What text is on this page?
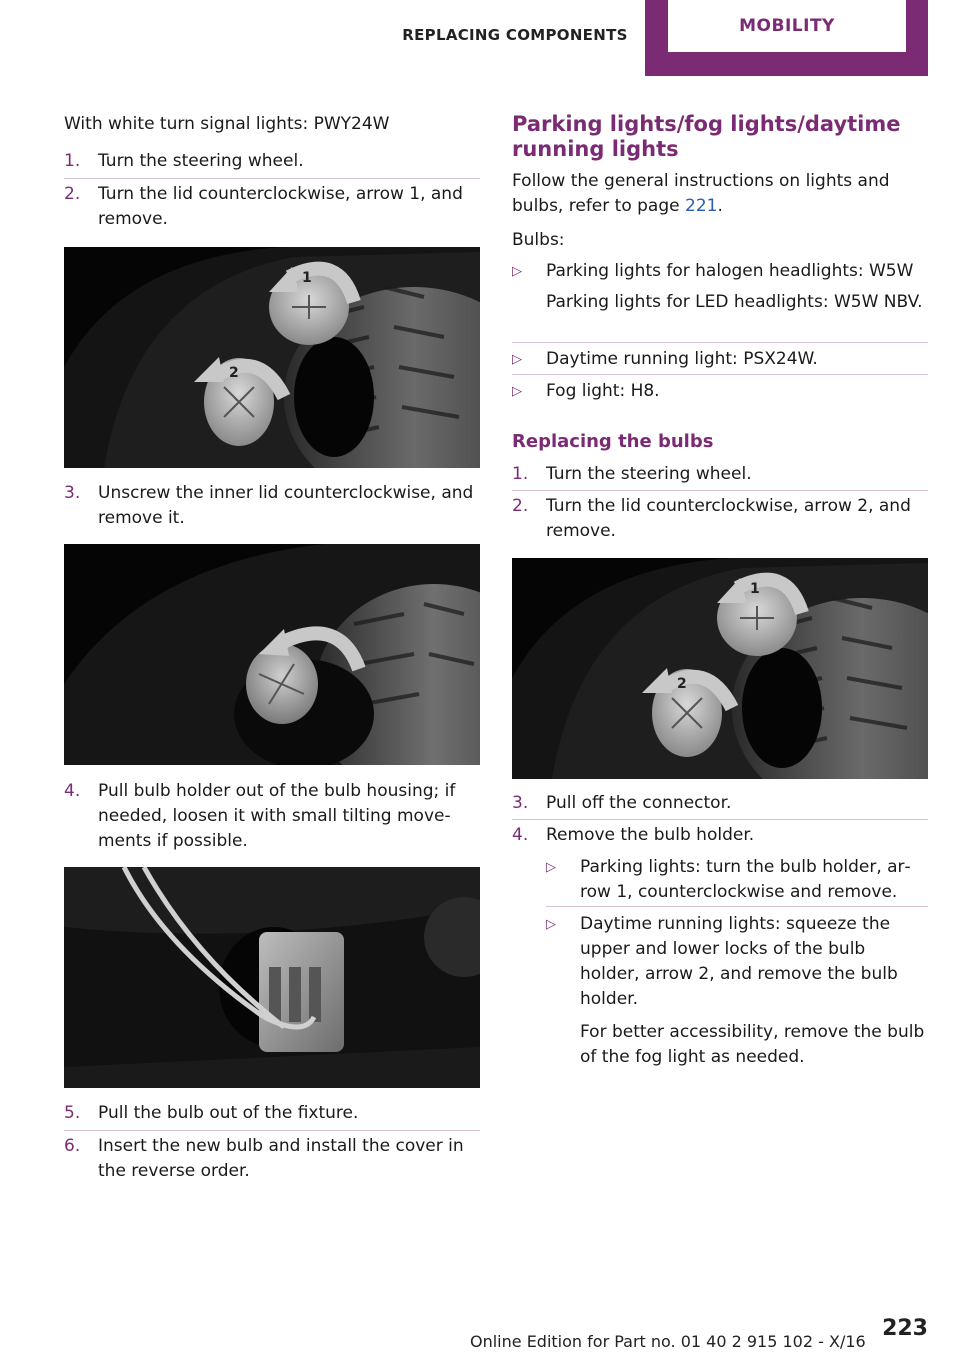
REPLACING COMPONENTS	MOBILITY

With white turn signal lights: PWY24W

1. Turn the steering wheel.
2. Turn the lid counterclockwise, arrow 1, and remove.
1
2
3. Unscrew the inner lid counterclockwise, and remove it.
4. Pull bulb holder out of the bulb housing; if needed, loosen it with small tilting move‐ ments if possible.
5. Pull the bulb out of the fixture.
6. Insert the new bulb and install the cover in the reverse order.
Parking lights/fog lights/daytime running lights

Follow the general instructions on lights and bulbs, refer to page 221.

Bulbs:

▷ Parking lights for halogen headlights: W5W
Parking lights for LED headlights: W5W NBV.
▷ Daytime running light: PSX24W.
▷ Fog light: H8.
Replacing the bulbs
1. Turn the steering wheel.
2. Turn the lid counterclockwise, arrow 2, and remove.
1
2
3. Pull off the connector.
4. Remove the bulb holder.
▷ Parking lights: turn the bulb holder, ar‐ row 1, counterclockwise and remove.
▷ Daytime running lights: squeeze the upper and lower locks of the bulb holder, arrow 2, and remove the bulb holder.
For better accessibility, remove the bulb of the fog light as needed.
223
Online Edition for Part no. 01 40 2 915 102 - X/16
